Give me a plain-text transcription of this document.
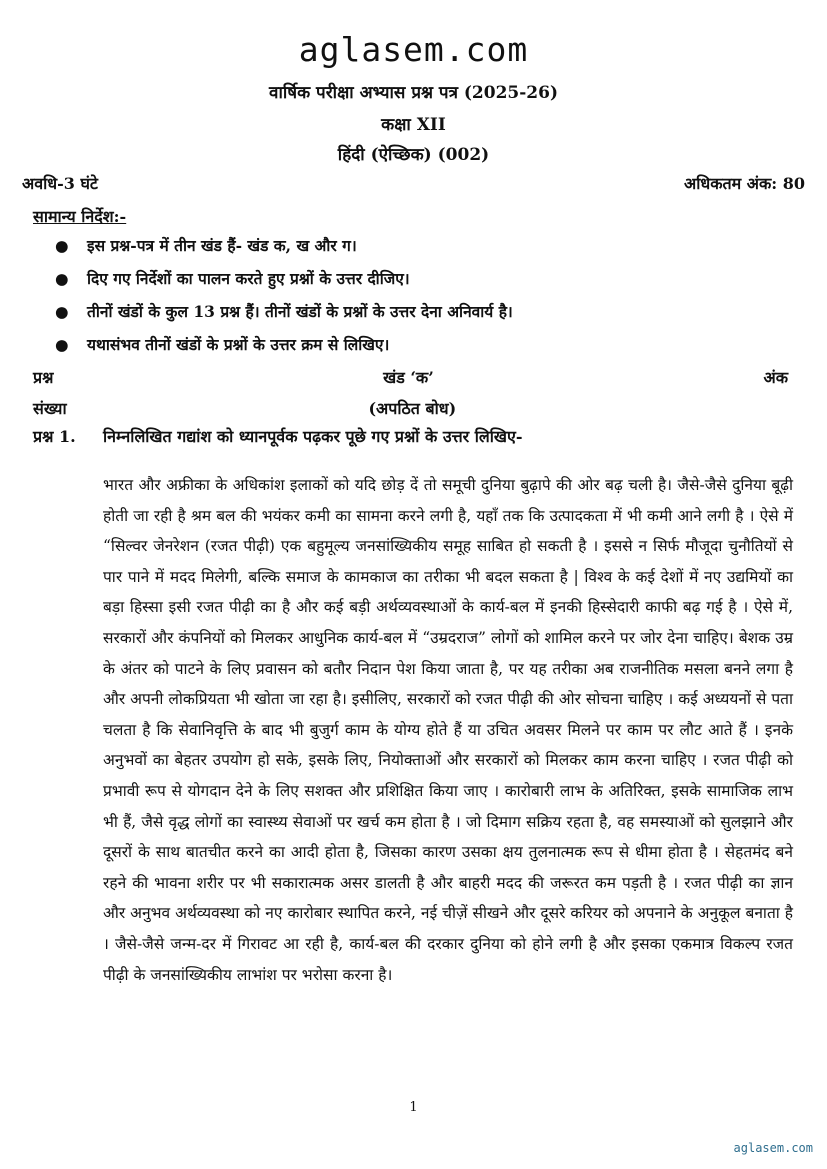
aglasem.com
वार्षिक परीक्षा अभ्यास प्रश्न पत्र (2025-26)
कक्षा XII
हिंदी (ऐच्छिक) (002)
अवधि-3 घंटे	अधिकतम अंक: 80
सामान्य निर्देश:-
● इस प्रश्न-पत्र में तीन खंड हैं- खंड क, ख और ग।
● दिए गए निर्देशों का पालन करते हुए प्रश्नों के उत्तर दीजिए।
● तीनों खंडों के कुल 13 प्रश्न हैं। तीनों खंडों के प्रश्नों के उत्तर देना अनिवार्य है।
● यथासंभव तीनों खंडों के प्रश्नों के उत्तर क्रम से लिखिए।
प्रश्न	खंड ‘क’	अंक
संख्या	(अपठित बोध)
प्रश्न 1.	निम्नलिखित गद्यांश को ध्यानपूर्वक पढ़कर पूछे गए प्रश्नों के उत्तर लिखिए-

भारत और अफ्रीका के अधिकांश इलाकों को यदि छोड़ दें तो समूची दुनिया बुढ़ापे की ओर बढ़ चली है। जैसे-जैसे दुनिया बूढ़ी होती जा रही है श्रम बल की भयंकर कमी का सामना करने लगी है, यहाँ तक कि उत्पादकता में भी कमी आने लगी है । ऐसे में “सिल्वर जेनरेशन (रजत पीढ़ी) एक बहुमूल्य जनसांख्यिकीय समूह साबित हो सकती है । इससे न सिर्फ मौजूदा चुनौतियों से पार पाने में मदद मिलेगी, बल्कि समाज के कामकाज का तरीका भी बदल सकता है | विश्व के कई देशों में नए उद्यमियों का बड़ा हिस्सा इसी रजत पीढ़ी का है और कई बड़ी अर्थव्यवस्थाओं के कार्य-बल में इनकी हिस्सेदारी काफी बढ़ गई है । ऐसे में, सरकारों और कंपनियों को मिलकर आधुनिक कार्य-बल में “उम्रदराज” लोगों को शामिल करने पर जोर देना चाहिए। बेशक उम्र के अंतर को पाटने के लिए प्रवासन को बतौर निदान पेश किया जाता है, पर यह तरीका अब राजनीतिक मसला बनने लगा है और अपनी लोकप्रियता भी खोता जा रहा है। इसीलिए, सरकारों को रजत पीढ़ी की ओर सोचना चाहिए । कई अध्ययनों से पता चलता है कि सेवानिवृत्ति के बाद भी बुजुर्ग काम के योग्य होते हैं या उचित अवसर मिलने पर काम पर लौट आते हैं । इनके अनुभवों का बेहतर उपयोग हो सके, इसके लिए, नियोक्ताओं और सरकारों को मिलकर काम करना चाहिए । रजत पीढ़ी को प्रभावी रूप से योगदान देने के लिए सशक्त और प्रशिक्षित किया जाए । कारोबारी लाभ के अतिरिक्त, इसके सामाजिक लाभ भी हैं, जैसे वृद्ध लोगों का स्वास्थ्य सेवाओं पर खर्च कम होता है । जो दिमाग सक्रिय रहता है, वह समस्याओं को सुलझाने और दूसरों के साथ बातचीत करने का आदी होता है, जिसका कारण उसका क्षय तुलनात्मक रूप से धीमा होता है । सेहतमंद बने रहने की भावना शरीर पर भी सकारात्मक असर डालती है और बाहरी मदद की जरूरत कम पड़ती है । रजत पीढ़ी का ज्ञान और अनुभव अर्थव्यवस्था को नए कारोबार स्थापित करने, नई चीज़ें सीखने और दूसरे करियर को अपनाने के अनुकूल बनाता है । जैसे-जैसे जन्म-दर में गिरावट आ रही है, कार्य-बल की दरकार दुनिया को होने लगी है और इसका एकमात्र विकल्प रजत पीढ़ी के जनसांख्यिकीय लाभांश पर भरोसा करना है।

1
aglasem.com
